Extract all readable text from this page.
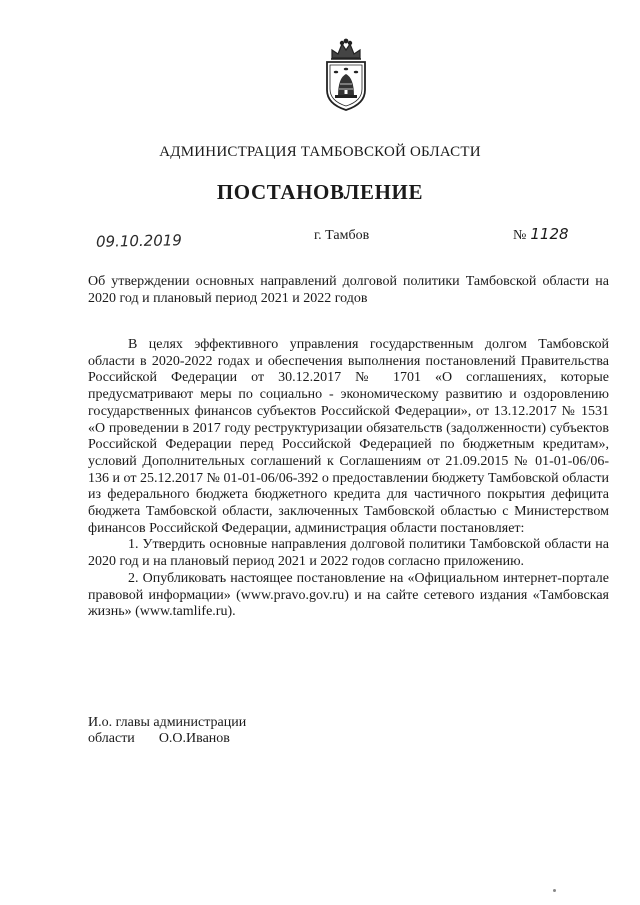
АДМИНИСТРАЦИЯ ТАМБОВСКОЙ ОБЛАСТИ
ПОСТАНОВЛЕНИЕ
09.10.2019	г. Тамбов	№ 1128
Об утверждении основных направлений долговой политики Тамбовской области на 2020 год и плановый период 2021 и 2022 годов

В целях эффективного управления государственным долгом Тамбовской области в 2020-2022 годах и обеспечения выполнения постановлений Правительства Российской Федерации от 30.12.2017 № 1701 «О соглашениях, которые предусматривают меры по социально - экономическому развитию и оздоровлению государственных финансов субъектов Российской Федерации», от 13.12.2017 № 1531 «О проведении в 2017 году реструктуризации обязательств (задолженности) субъектов Российской Федерации перед Российской Федерацией по бюджетным кредитам», условий Дополнительных соглашений к Соглашениям от 21.09.2015 № 01-01-06/06-136 и от 25.12.2017 № 01-01-06/06-392 о предоставлении бюджету Тамбовской области из федерального бюджета бюджетного кредита для частичного покрытия дефицита бюджета Тамбовской области, заключенных Тамбовской областью с Министерством финансов Российской Федерации, администрация области постановляет:

1. Утвердить основные направления долговой политики Тамбовской области на 2020 год и на плановый период 2021 и 2022 годов согласно приложению.

2. Опубликовать настоящее постановление на «Официальном интернет-портале правовой информации» (www.pravo.gov.ru) и на сайте сетевого издания «Тамбовская жизнь» (www.tamlife.ru).

И.о. главы администрации
области О.О.Иванов
